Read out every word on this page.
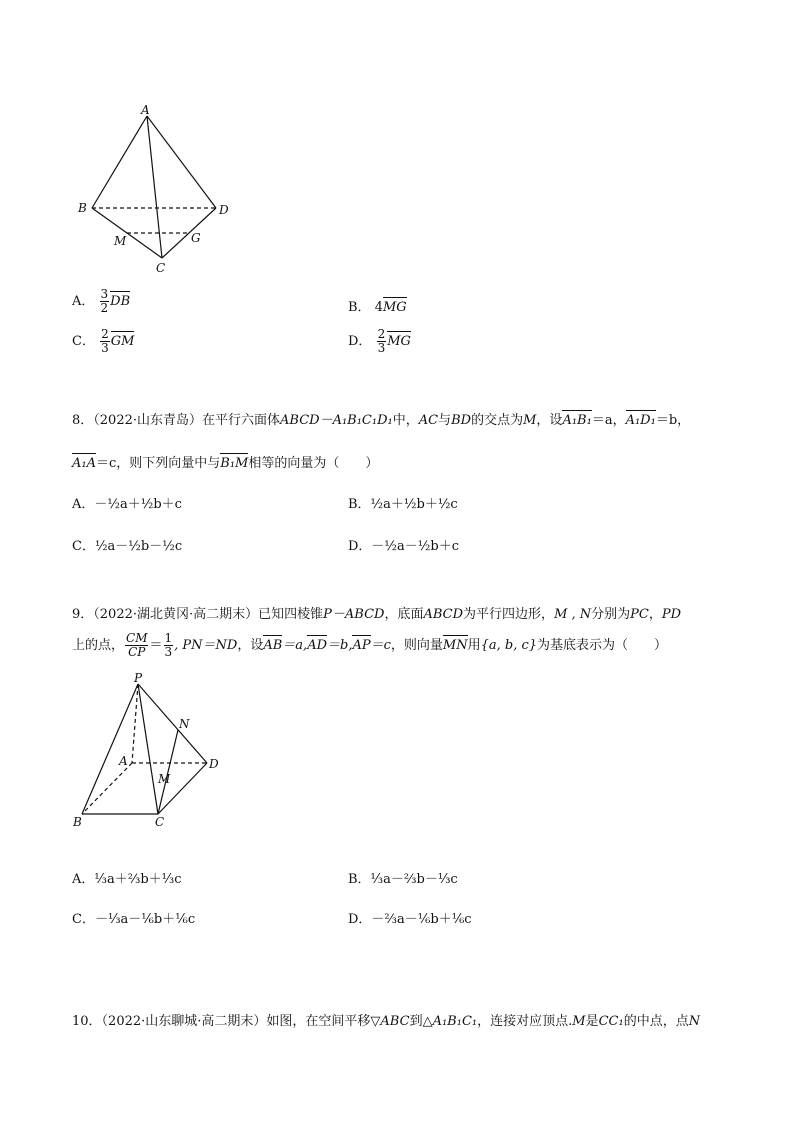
A
B	D
M	G
C
A． $\frac{3}{2}$ DB	B． 4MG
C． $\frac{2}{3}$ GM	D． $\frac{2}{3}$ MG
8．（2022·山东青岛）在平行六面体ABCD－A₁B₁C₁D₁中，AC与BD的交点为M，设A₁B₁＝a，A₁D₁＝b，
A₁A＝c，则下列向量中与B₁M相等的向量为（　　）
A．－½a＋½b＋c	B．½a＋½b＋½c
C．½a－½b－½c	D．－½a－½b＋c
9．（2022·湖北黄冈·高二期末）已知四棱锥P－ABCD，底面ABCD为平行四边形，M , N分别为PC，PD
上的点， $\frac{CM}{CP} = \frac{1}{3}$ , PN＝ND，设AB＝a,AD＝b,AP＝c，则向量MN用{a, b, c}为基底表示为（　　）
P
N
A
M
D
B	C
A．⅓a＋⅔b＋⅓c	B．⅓a－⅔b－⅓c
C．－⅓a－⅙b＋⅙c	D．－⅔a－⅙b＋⅙c
10．（2022·山东聊城·高二期末）如图，在空间平移▽ABC到△A₁B₁C₁，连接对应顶点.M是CC₁的中点，点N
